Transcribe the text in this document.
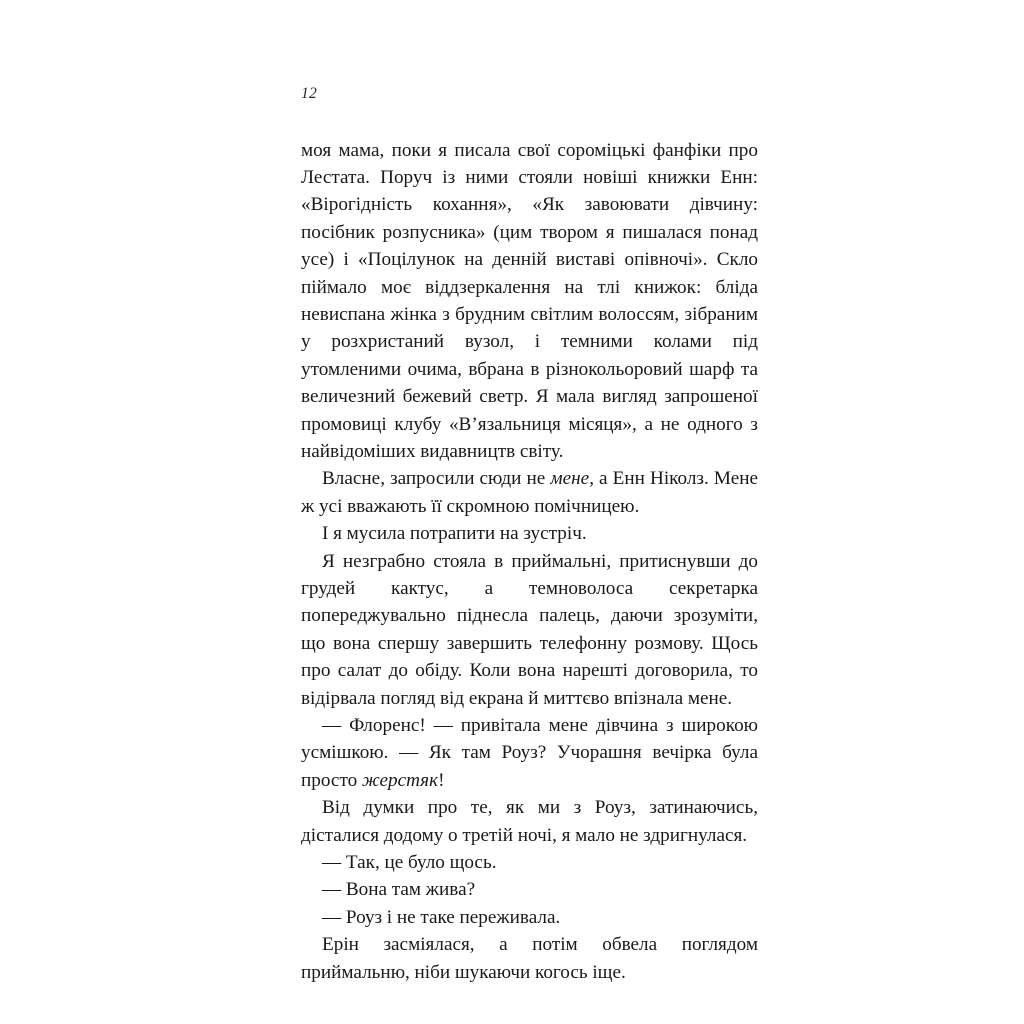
12

моя мама, поки я писала свої сороміцькі фанфіки про Лестата. Поруч із ними стояли новіші книжки Енн: «Вірогідність кохання», «Як завоювати дівчину: посібник розпусника» (цим твором я пишалася понад усе) і «Поцілунок на денній виставі опівночі». Скло піймало моє віддзеркалення на тлі книжок: бліда невиспана жінка з брудним світлим волоссям, зібраним у розхристаний вузол, і темними колами під утомленими очима, вбрана в різнокольоровий шарф та величезний бежевий светр. Я мала вигляд запрошеної промовиці клубу «В’язальниця місяця», а не одного з найвідоміших видавництв світу.

Власне, запросили сюди не мене, а Енн Ніколз. Мене ж усі вважають її скромною помічницею.

І я мусила потрапити на зустріч.

Я незграбно стояла в приймальні, притиснувши до грудей кактус, а темноволоса секретарка попереджувально піднесла палець, даючи зрозуміти, що вона спершу завершить телефонну розмову. Щось про салат до обіду. Коли вона нарешті договорила, то відірвала погляд від екрана й миттєво впізнала мене.

— Флоренс! — привітала мене дівчина з широкою усмішкою. — Як там Роуз? Учорашня вечірка була просто жерстяк!

Від думки про те, як ми з Роуз, затинаючись, дісталися додому о третій ночі, я мало не здригнулася.

— Так, це було щось.

— Вона там жива?

— Роуз і не таке переживала.

Ерін засміялася, а потім обвела поглядом приймальню, ніби шукаючи когось іще.
